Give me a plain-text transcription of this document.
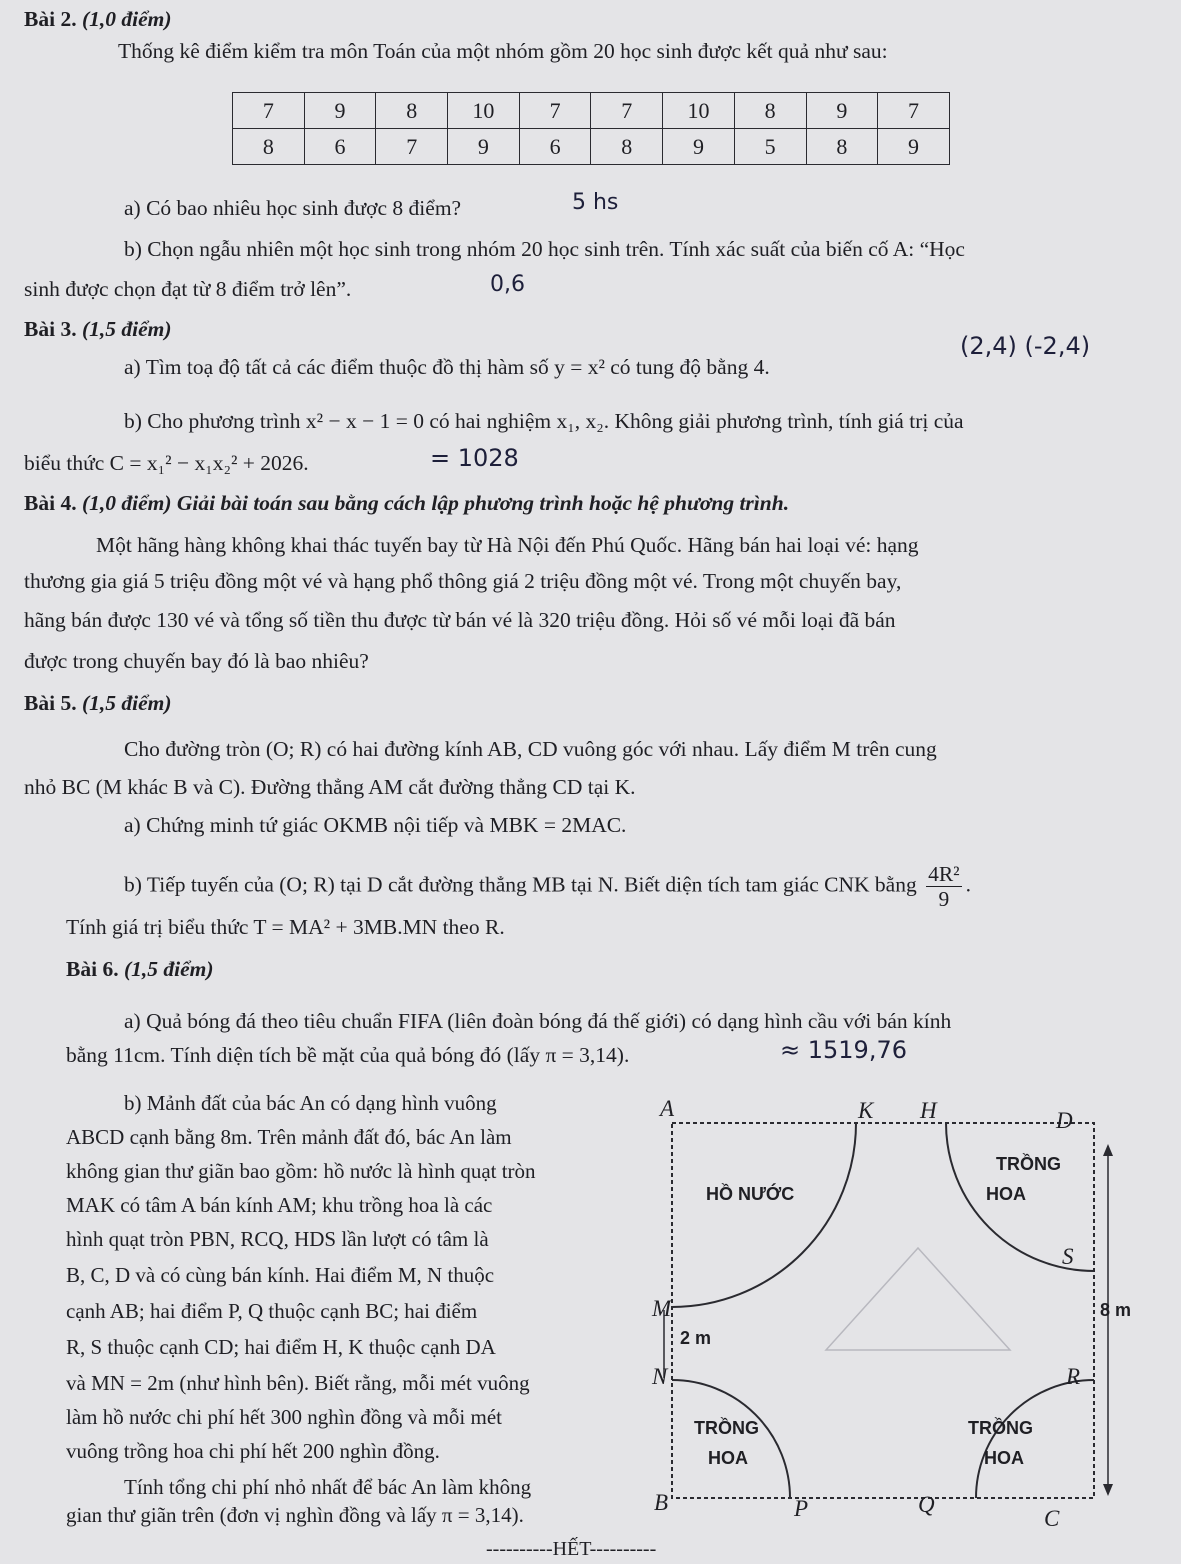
Bài 2. (1,0 điểm)
Thống kê điểm kiểm tra môn Toán của một nhóm gồm 20 học sinh được kết quả như sau:
7	9	8	10	7	7	10	8	9	7
8	6	7	9	6	8	9	5	8	9
a) Có bao nhiêu học sinh được 8 điểm?	5 hs
b) Chọn ngẫu nhiên một học sinh trong nhóm 20 học sinh trên. Tính xác suất của biến cố A: “Học
sinh được chọn đạt từ 8 điểm trở lên”.	0,6
Bài 3. (1,5 điểm)
a) Tìm toạ độ tất cả các điểm thuộc đồ thị hàm số y = x² có tung độ bằng 4.
(2,4) (-2,4)
b) Cho phương trình x² − x − 1 = 0 có hai nghiệm x₁, x₂. Không giải phương trình, tính giá trị của
biểu thức C = x₁² − x₁x₂² + 2026.	= 1028
Bài 4. (1,0 điểm) Giải bài toán sau bằng cách lập phương trình hoặc hệ phương trình.
Một hãng hàng không khai thác tuyến bay từ Hà Nội đến Phú Quốc. Hãng bán hai loại vé: hạng
thương gia giá 5 triệu đồng một vé và hạng phổ thông giá 2 triệu đồng một vé. Trong một chuyến bay,
hãng bán được 130 vé và tổng số tiền thu được từ bán vé là 320 triệu đồng. Hỏi số vé mỗi loại đã bán
được trong chuyến bay đó là bao nhiêu?
Bài 5. (1,5 điểm)
Cho đường tròn (O; R) có hai đường kính AB, CD vuông góc với nhau. Lấy điểm M trên cung
nhỏ BC (M khác B và C). Đường thẳng AM cắt đường thẳng CD tại K.
a) Chứng minh tứ giác OKMB nội tiếp và MBK = 2MAC.
b) Tiếp tuyến của (O; R) tại D cắt đường thẳng MB tại N. Biết diện tích tam giác CNK bằng $\frac{\text{4R²}}{9}$ .
Tính giá trị biểu thức T = MA² + 3MB.MN theo R.
Bài 6. (1,5 điểm)
a) Quả bóng đá theo tiêu chuẩn FIFA (liên đoàn bóng đá thế giới) có dạng hình cầu với bán kính
bằng 11cm. Tính diện tích bề mặt của quả bóng đó (lấy π = 3,14).	≈ 1519,76
b) Mảnh đất của bác An có dạng hình vuông
ABCD cạnh bằng 8m. Trên mảnh đất đó, bác An làm
không gian thư giãn bao gồm: hồ nước là hình quạt tròn
MAK có tâm A bán kính AM; khu trồng hoa là các
hình quạt tròn PBN, RCQ, HDS lần lượt có tâm là
B, C, D và có cùng bán kính. Hai điểm M, N thuộc
cạnh AB; hai điểm P, Q thuộc cạnh BC; hai điểm
R, S thuộc cạnh CD; hai điểm H, K thuộc cạnh DA
và MN = 2m (như hình bên). Biết rằng, mỗi mét vuông
làm hồ nước chi phí hết 300 nghìn đồng và mỗi mét
vuông trồng hoa chi phí hết 200 nghìn đồng.
Tính tổng chi phí nhỏ nhất để bác An làm không
gian thư giãn trên (đơn vị nghìn đồng và lấy π = 3,14).
A
B
C
D
K H
M
N
P	Q
R
S
HỒ NƯỚC
TRỒNG
HOA
TRỒNG
HOA
TRỒNG
HOA
8 m
2 m
----------HẾT----------
